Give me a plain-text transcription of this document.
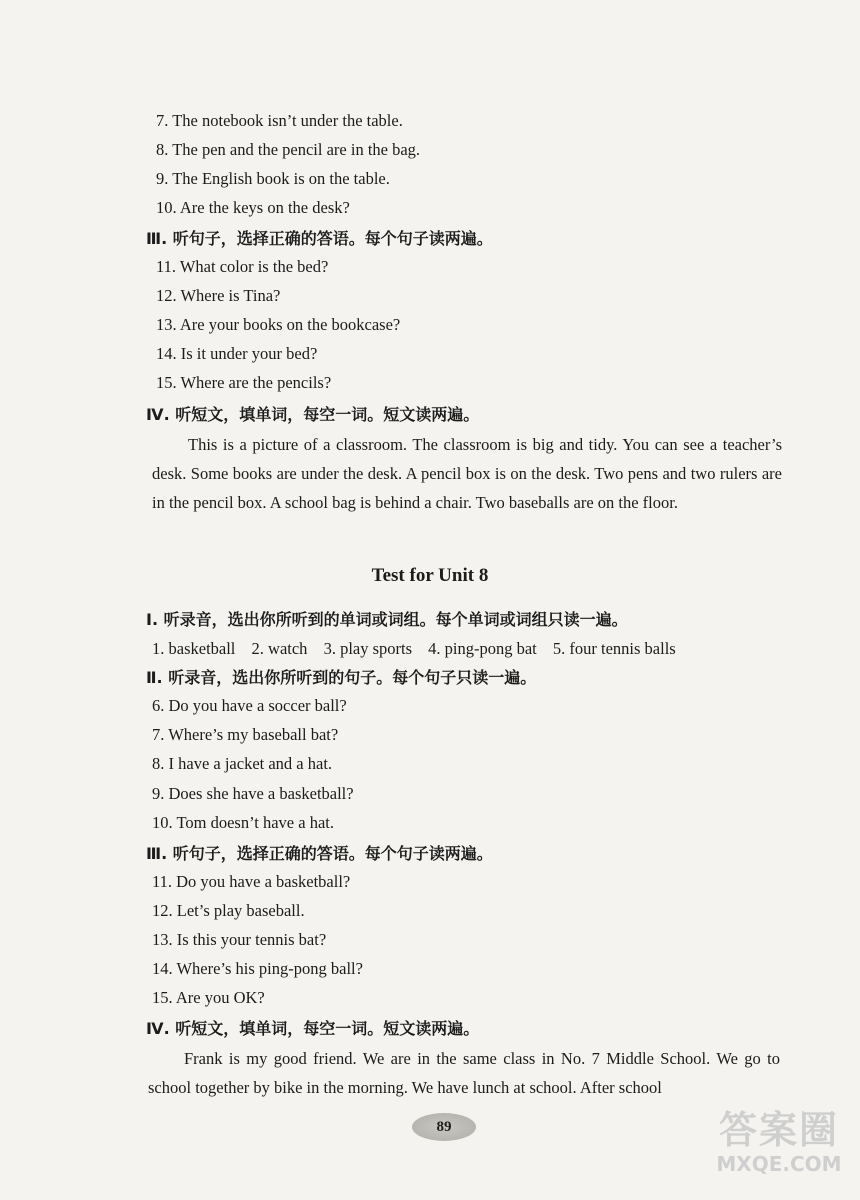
7. The notebook isn’t under the table.
8. The pen and the pencil are in the bag.
9. The English book is on the table.
10. Are the keys on the desk?
Ⅲ. 听句子，选择正确的答语。每个句子读两遍。
11. What color is the bed?
12. Where is Tina?
13. Are your books on the bookcase?
14. Is it under your bed?
15. Where are the pencils?
Ⅳ. 听短文，填单词，每空一词。短文读两遍。

This is a picture of a classroom. The classroom is big and tidy. You can see a teacher’s desk. Some books are under the desk. A pencil box is on the desk. Two pens and two rulers are in the pencil box. A school bag is behind a chair. Two baseballs are on the floor.

Test for Unit 8
Ⅰ. 听录音，选出你所听到的单词或词组。每个单词或词组只读一遍。
1. basketball 2. watch 3. play sports 4. ping-pong bat 5. four tennis balls
Ⅱ. 听录音，选出你所听到的句子。每个句子只读一遍。
6. Do you have a soccer ball?
7. Where’s my baseball bat?
8. I have a jacket and a hat.
9. Does she have a basketball?
10. Tom doesn’t have a hat.
Ⅲ. 听句子，选择正确的答语。每个句子读两遍。
11. Do you have a basketball?
12. Let’s play baseball.
13. Is this your tennis bat?
14. Where’s his ping-pong ball?
15. Are you OK?
Ⅳ. 听短文，填单词，每空一词。短文读两遍。

Frank is my good friend. We are in the same class in No. 7 Middle School. We go to school together by bike in the morning. We have lunch at school. After school

89	答案圈
MXQE.COM
